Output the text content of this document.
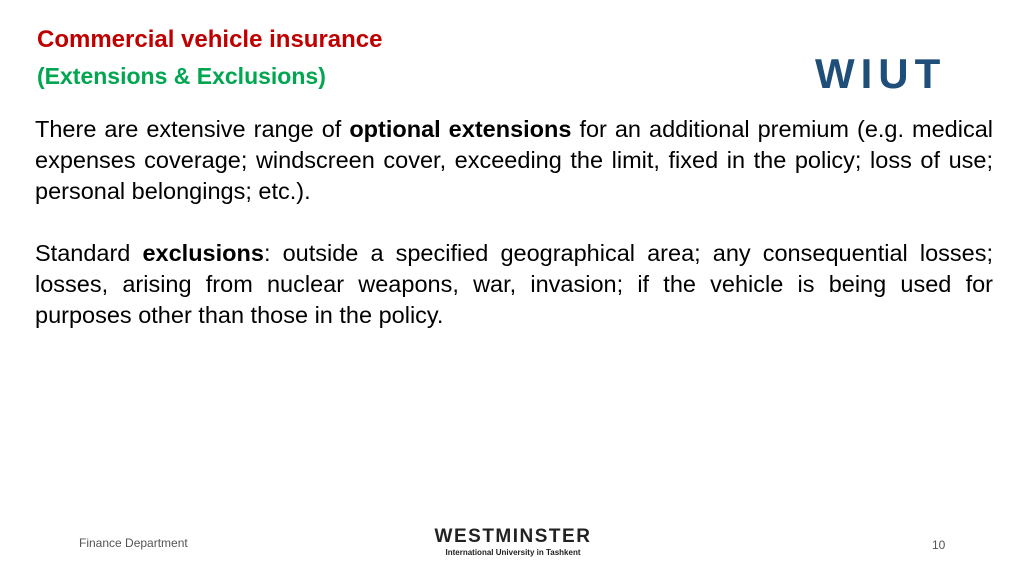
Commercial vehicle insurance
(Extensions & Exclusions)	WIUT

There are extensive range of optional extensions for an additional premium (e.g. medical expenses coverage; windscreen cover, exceeding the limit, fixed in the policy; loss of use; personal belongings; etc.).

Standard exclusions: outside a specified geographical area; any consequential losses; losses, arising from nuclear weapons, war, invasion; if the vehicle is being used for purposes other than those in the policy.

Finance Department	WESTMINSTER
International University in Tashkent
10
